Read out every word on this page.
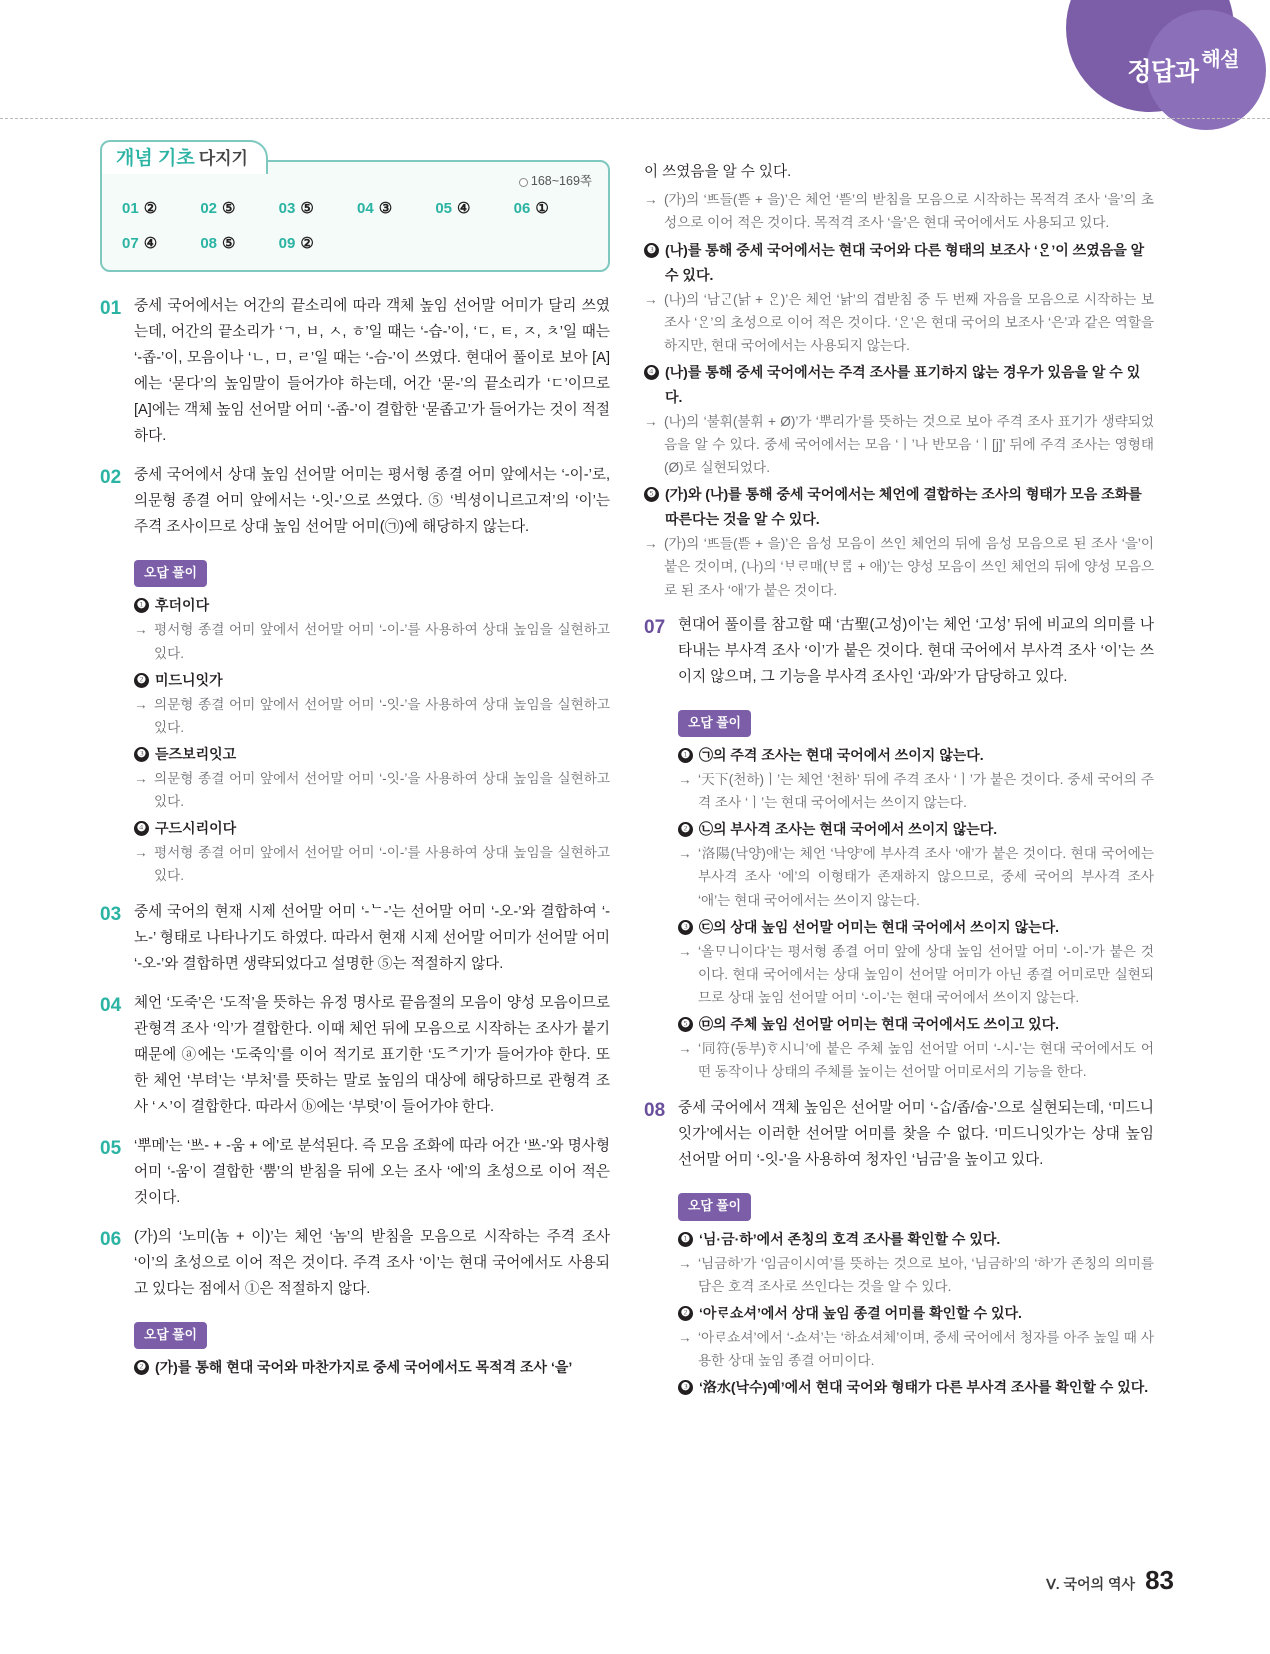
정답과 해설
개념 기초 다지기
168~169쪽
01 ②	02 ⑤	03 ⑤	04 ③	05 ④	06 ①
07 ④	08 ⑤	09 ②
01 중세 국어에서는 어간의 끝소리에 따라 객체 높임 선어말 어미가 달리 쓰였는데, 어간의 끝소리가 ‘ㄱ, ㅂ, ㅅ, ㅎ’일 때는 ‘-습-’이, ‘ㄷ, ㅌ, ㅈ, ㅊ’일 때는 ‘-좁-’이, 모음이나 ‘ㄴ, ㅁ, ㄹ’일 때는 ‘-슴-’이 쓰였다. 현대어 풀이로 보아 [A]에는 ‘묻다’의 높임말이 들어가야 하는데, 어간 ‘묻-’의 끝소리가 ‘ㄷ’이므로 [A]에는 객체 높임 선어말 어미 ‘-좁-’이 결합한 ‘묻좁고’가 들어가는 것이 적절하다.
02 중세 국어에서 상대 높임 선어말 어미는 평서형 종결 어미 앞에서는 ‘-이-’로, 의문형 종결 어미 앞에서는 ‘-잇-’으로 쓰였다. ⑤ ‘빅셩이니르고져’의 ‘이’는 주격 조사이므로 상대 높임 선어말 어미(㉠)에 해당하지 않는다.
오답 풀이
❶ 후더이다
→ 평서형 종결 어미 앞에서 선어말 어미 ‘-이-’를 사용하여 상대 높임을 실현하고 있다.
❷ 미드니잇가
→ 의문형 종결 어미 앞에서 선어말 어미 ‘-잇-’을 사용하여 상대 높임을 실현하고 있다.
❸ 듣즈보리잇고
→ 의문형 종결 어미 앞에서 선어말 어미 ‘-잇-’을 사용하여 상대 높임을 실현하고 있다.
❹ 구드시리이다
→ 평서형 종결 어미 앞에서 선어말 어미 ‘-이-’를 사용하여 상대 높임을 실현하고 있다.
03 중세 국어의 현재 시제 선어말 어미 ‘-ᄂ-’는 선어말 어미 ‘-오-’와 결합하여 ‘-노-’ 형태로 나타나기도 하였다. 따라서 현재 시제 선어말 어미가 선어말 어미 ‘-오-’와 결합하면 생략되었다고 설명한 ⑤는 적절하지 않다.
04 체언 ‘도죽’은 ‘도적’을 뜻하는 유정 명사로 끝음절의 모음이 양성 모음이므로 관형격 조사 ‘익’가 결합한다. 이때 체언 뒤에 모음으로 시작하는 조사가 붙기 때문에 ⓐ에는 ‘도죽익’를 이어 적기로 표기한 ‘도ᄌ기’가 들어가야 한다. 또한 체언 ‘부텨’는 ‘부처’를 뜻하는 말로 높임의 대상에 해당하므로 관형격 조사 ‘ㅅ’이 결합한다. 따라서 ⓑ에는 ‘부텻’이 들어가야 한다.
05 ‘뿌메’는 ‘ᄡᅳ- + -움 + 에’로 분석된다. 즉 모음 조화에 따라 어간 ‘ᄡᅳ-’와 명사형 어미 ‘-움’이 결합한 ‘뿜’의 받침을 뒤에 오는 조사 ‘에’의 초성으로 이어 적은 것이다.
06 (가)의 ‘노미(놈 + 이)’는 체언 ‘놈’의 받침을 모음으로 시작하는 주격 조사 ‘이’의 초성으로 이어 적은 것이다. 주격 조사 ‘이’는 현대 국어에서도 사용되고 있다는 점에서 ①은 적절하지 않다.
오답 풀이
❷ (가)를 통해 현대 국어와 마찬가지로 중세 국어에서도 목적격 조사 ‘을’
이 쓰였음을 알 수 있다.
→ (가)의 ‘ᄠᅳ들(ᄠᅳᆮ + 을)’은 체언 ‘ᄠᅳᆮ’의 받침을 모음으로 시작하는 목적격 조사 ‘을’의 초성으로 이어 적은 것이다. 목적격 조사 ‘을’은 현대 국어에서도 사용되고 있다.
❸ (나)를 통해 중세 국어에서는 현대 국어와 다른 형태의 보조사 ‘ᄋᆞᆫ’이 쓰였음을 알 수 있다.
→ (나)의 ‘남ᄀᆞᆫ(낡 + ᄋᆞᆫ)’은 체언 ‘낡’의 겹받침 중 두 번째 자음을 모음으로 시작하는 보조사 ‘ᄋᆞᆫ’의 초성으로 이어 적은 것이다. ‘ᄋᆞᆫ’은 현대 국어의 보조사 ‘은’과 같은 역할을 하지만, 현대 국어에서는 사용되지 않는다.
❹ (나)를 통해 중세 국어에서는 주격 조사를 표기하지 않는 경우가 있음을 알 수 있다.
→ (나)의 ‘불휘(불휘 + Ø)’가 ‘뿌리가’를 뜻하는 것으로 보아 주격 조사 표기가 생략되었음을 알 수 있다. 중세 국어에서는 모음 ‘ㅣ’나 반모음 ‘ㅣ[j]’ 뒤에 주격 조사는 영형태(Ø)로 실현되었다.
❺ (가)와 (나)를 통해 중세 국어에서는 체언에 결합하는 조사의 형태가 모음 조화를 따른다는 것을 알 수 있다.
→ (가)의 ‘ᄠᅳ들(ᄠᅳᆮ + 을)’은 음성 모음이 쓰인 체언의 뒤에 음성 모음으로 된 조사 ‘을’이 붙은 것이며, (나)의 ‘ᄇᆞᄅᆞ매(ᄇᆞᄅᆞᆷ + 애)’는 양성 모음이 쓰인 체언의 뒤에 양성 모음으로 된 조사 ‘애’가 붙은 것이다.
07 현대어 풀이를 참고할 때 ‘古聖(고성)이’는 체언 ‘고성’ 뒤에 비교의 의미를 나타내는 부사격 조사 ‘이’가 붙은 것이다. 현대 국어에서 부사격 조사 ‘이’는 쓰이지 않으며, 그 기능을 부사격 조사인 ‘과/와’가 담당하고 있다.
오답 풀이
❶ ㉠의 주격 조사는 현대 국어에서 쓰이지 않는다.
→ ‘天下(천하)ㅣ’는 체언 ‘천하’ 뒤에 주격 조사 ‘ㅣ’가 붙은 것이다. 중세 국어의 주격 조사 ‘ㅣ’는 현대 국어에서는 쓰이지 않는다.
❷ ㉡의 부사격 조사는 현대 국어에서 쓰이지 않는다.
→ ‘洛陽(낙양)애’는 체언 ‘낙양’에 부사격 조사 ‘애’가 붙은 것이다. 현대 국어에는 부사격 조사 ‘에’의 이형태가 존재하지 않으므로, 중세 국어의 부사격 조사 ‘애’는 현대 국어에서는 쓰이지 않는다.
❸ ㉢의 상대 높임 선어말 어미는 현대 국어에서 쓰이지 않는다.
→ ‘올ᄆᆞ니이다’는 평서형 종결 어미 앞에 상대 높임 선어말 어미 ‘-이-’가 붙은 것이다. 현대 국어에서는 상대 높임이 선어말 어미가 아닌 종결 어미로만 실현되므로 상대 높임 선어말 어미 ‘-이-’는 현대 국어에서 쓰이지 않는다.
❺ ㉤의 주체 높임 선어말 어미는 현대 국어에서도 쓰이고 있다.
→ ‘同符(동부)ᄒᆞ시니’에 붙은 주체 높임 선어말 어미 ‘-시-’는 현대 국어에서도 어떤 동작이나 상태의 주체를 높이는 선어말 어미로서의 기능을 한다.
08 중세 국어에서 객체 높임은 선어말 어미 ‘-ᄉᆞᆸ/좁/숩-’으로 실현되는데, ‘미드니잇가’에서는 이러한 선어말 어미를 찾을 수 없다. ‘미드니잇가’는 상대 높임 선어말 어미 ‘-잇-’을 사용하여 청자인 ‘님금’을 높이고 있다.
오답 풀이
❶ ‘님·금·하’에서 존칭의 호격 조사를 확인할 수 있다.
→ ‘님금하’가 ‘임금이시여’를 뜻하는 것으로 보아, ‘님금하’의 ‘하’가 존칭의 의미를 담은 호격 조사로 쓰인다는 것을 알 수 있다.
❷ ‘아ᄅᆞ쇼셔’에서 상대 높임 종결 어미를 확인할 수 있다.
→ ‘아ᄅᆞ쇼셔’에서 ‘-쇼셔’는 ‘하쇼셔체’이며, 중세 국어에서 청자를 아주 높일 때 사용한 상대 높임 종결 어미이다.
❸ ‘洛水(낙수)예’에서 현대 국어와 형태가 다른 부사격 조사를 확인할 수 있다.
Ⅴ. 국어의 역사 83
